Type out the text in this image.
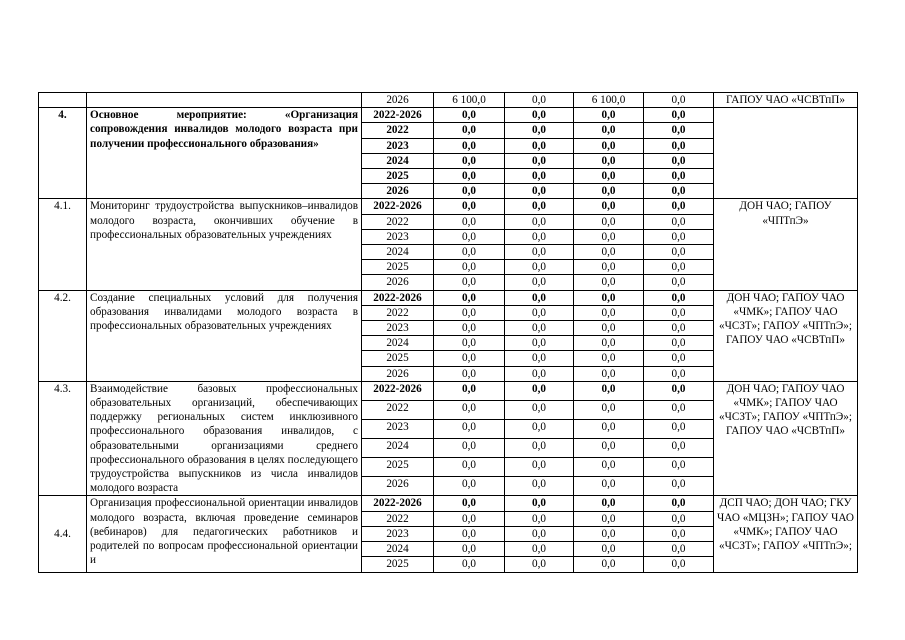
		2026	6 100,0	0,0	6 100,0	0,0	ГАПОУ ЧАО «ЧСВТпП»
4.	Основное мероприятие: «Организация сопровождения инвалидов молодого возраста при получении профессионального образования»	2022-2026	0,0	0,0	0,0	0,0	
		2022	0,0	0,0	0,0	0,0	
		2023	0,0	0,0	0,0	0,0	
		2024	0,0	0,0	0,0	0,0	
		2025	0,0	0,0	0,0	0,0	
		2026	0,0	0,0	0,0	0,0	
4.1.	Мониторинг трудоустройства выпускников–инвалидов молодого возраста, окончивших обучение в профессиональных образовательных учреждениях	2022-2026	0,0	0,0	0,0	0,0	ДОН ЧАО; ГАПОУ «ЧПТпЭ»
		2022	0,0	0,0	0,0	0,0	
		2023	0,0	0,0	0,0	0,0	
		2024	0,0	0,0	0,0	0,0	
		2025	0,0	0,0	0,0	0,0	
		2026	0,0	0,0	0,0	0,0	
4.2.	Создание специальных условий для получения образования инвалидами молодого возраста в профессиональных образовательных учреждениях	2022-2026	0,0	0,0	0,0	0,0	ДОН ЧАО; ГАПОУ ЧАО «ЧМК»; ГАПОУ ЧАО «ЧСЗТ»; ГАПОУ «ЧПТпЭ»; ГАПОУ ЧАО «ЧСВТпП»
		2022	0,0	0,0	0,0	0,0	
		2023	0,0	0,0	0,0	0,0	
		2024	0,0	0,0	0,0	0,0	
		2025	0,0	0,0	0,0	0,0	
		2026	0,0	0,0	0,0	0,0	
4.3.	Взаимодействие базовых профессиональных образовательных организаций, обеспечивающих поддержку региональных систем инклюзивного профессионального образования инвалидов, с образовательными организациями среднего профессионального образования в целях последующего трудоустройства выпускников из числа инвалидов молодого возраста	2022-2026	0,0	0,0	0,0	0,0	ДОН ЧАО; ГАПОУ ЧАО «ЧМК»; ГАПОУ ЧАО «ЧСЗТ»; ГАПОУ «ЧПТпЭ»; ГАПОУ ЧАО «ЧСВТпП»
		2022	0,0	0,0	0,0	0,0	
		2023	0,0	0,0	0,0	0,0	
		2024	0,0	0,0	0,0	0,0	
		2025	0,0	0,0	0,0	0,0	
		2026	0,0	0,0	0,0	0,0	
4.4.	Организация профессиональной ориентации инвалидов молодого возраста, включая проведение семинаров (вебинаров) для педагогических работников и родителей по вопросам профессиональной ориентации и	2022-2026	0,0	0,0	0,0	0,0	ДСП ЧАО; ДОН ЧАО; ГКУ ЧАО «МЦЗН»; ГАПОУ ЧАО «ЧМК»; ГАПОУ ЧАО «ЧСЗТ»; ГАПОУ «ЧПТпЭ»;
		2022	0,0	0,0	0,0	0,0	
		2023	0,0	0,0	0,0	0,0	
		2024	0,0	0,0	0,0	0,0	
		2025	0,0	0,0	0,0	0,0	
